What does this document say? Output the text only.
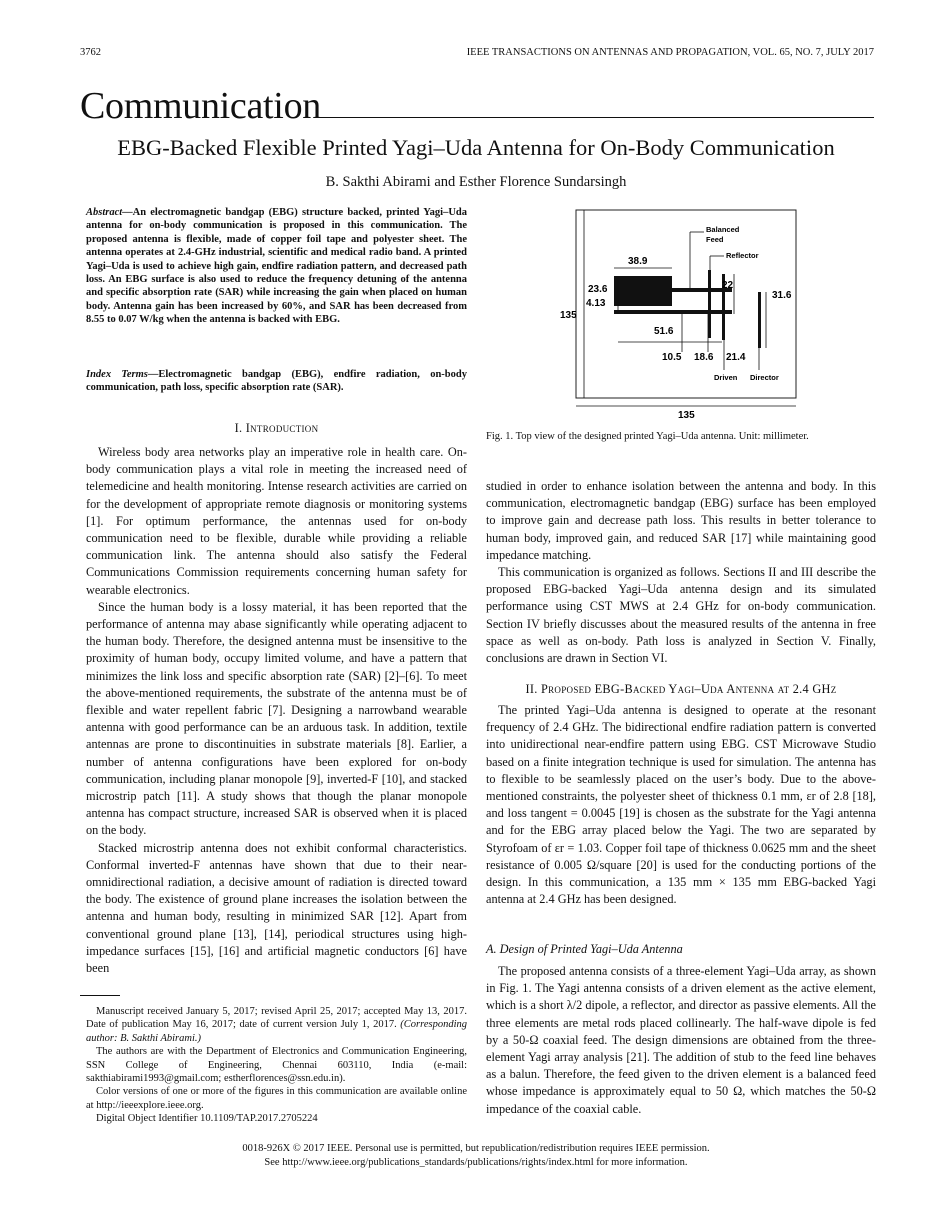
3762	IEEE TRANSACTIONS ON ANTENNAS AND PROPAGATION, VOL. 65, NO. 7, JULY 2017
Communication
EBG-Backed Flexible Printed Yagi–Uda Antenna for On-Body Communication
B. Sakthi Abirami and Esther Florence Sundarsingh
Abstract—An electromagnetic bandgap (EBG) structure backed, printed Yagi–Uda antenna for on-body communication is proposed in this communication. The proposed antenna is flexible, made of copper foil tape and polyester sheet. The antenna operates at 2.4-GHz industrial, scientific and medical radio band. A printed Yagi–Uda is used to achieve high gain, endfire radiation pattern, and decreased path loss. An EBG surface is also used to reduce the frequency detuning of the antenna and specific absorption rate (SAR) while increasing the gain when placed on human body. Antenna gain has been increased by 60%, and SAR has been decreased from 8.55 to 0.07 W/kg when the antenna is backed with EBG.
Index Terms—Electromagnetic bandgap (EBG), endfire radiation, on-body communication, path loss, specific absorption rate (SAR).
I. Introduction

Wireless body area networks play an imperative role in health care. On-body communication plays a vital role in meeting the increased need of telemedicine and health monitoring. Intense research activities are carried on for the development of appropriate remote diagnosis or monitoring systems [1]. For optimum performance, the antennas used for on-body communication need to be flexible, durable while providing a reliable communication link. The antenna should also satisfy the Federal Communications Commission requirements concerning human safety for wearable electronics.

Since the human body is a lossy material, it has been reported that the performance of antenna may abase significantly while operating adjacent to the human body. Therefore, the designed antenna must be insensitive to the proximity of human body, occupy limited volume, and have a pattern that minimizes the link loss and specific absorption rate (SAR) [2]–[6]. To meet the above-mentioned requirements, the substrate of the antenna must be of flexible and water repellent fabric [7]. Designing a narrowband wearable antenna with good performance can be an arduous task. In addition, textile antennas are prone to discontinuities in substrate materials [8]. Earlier, a number of antenna configurations have been explored for on-body communication, including planar monopole [9], inverted-F [10], and stacked microstrip patch [11]. A study shows that though the planar monopole antenna has compact structure, increased SAR is observed when it is placed on the body.

Stacked microstrip antenna does not exhibit conformal characteristics. Conformal inverted-F antennas have shown that due to their near-omnidirectional radiation, a decisive amount of radiation is directed toward the body. The existence of ground plane increases the isolation between the antenna and human body, resulting in minimized SAR [12]. Apart from conventional ground plane [13], [14], periodical structures using high-impedance surfaces [15], [16] and artificial magnetic conductors [6] have been

Manuscript received January 5, 2017; revised April 25, 2017; accepted May 13, 2017. Date of publication May 16, 2017; date of current version July 1, 2017. (Corresponding author: B. Sakthi Abirami.)

The authors are with the Department of Electronics and Communication Engineering, SSN College of Engineering, Chennai 603110, India (e-mail: sakthiabirami1993@gmail.com; estherflorences@ssn.edu.in).

Color versions of one or more of the figures in this communication are available online at http://ieeexplore.ieee.org.

Digital Object Identifier 10.1109/TAP.2017.2705224

Balanced
Feed
Reflector
Driven Director
38.9
23.6
4.13
135
51.6
22
31.6
10.5 18.6 21.4
135
Fig. 1. Top view of the designed printed Yagi–Uda antenna. Unit: millimeter.

studied in order to enhance isolation between the antenna and body. In this communication, electromagnetic bandgap (EBG) surface has been employed to improve gain and decrease path loss. This results in better tolerance to human body, improved gain, and reduced SAR [17] while maintaining good impedance matching.

This communication is organized as follows. Sections II and III describe the proposed EBG-backed Yagi–Uda antenna design and its simulated performance using CST MWS at 2.4 GHz for on-body communication. Section IV briefly discusses about the measured results of the antenna in free space as well as on-body. Path loss is analyzed in Section V. Finally, conclusions are drawn in Section VI.

II. Proposed EBG-Backed Yagi–Uda Antenna at 2.4 GHz

The printed Yagi–Uda antenna is designed to operate at the resonant frequency of 2.4 GHz. The bidirectional endfire radiation pattern is converted into unidirectional near-endfire pattern using EBG. CST Microwave Studio based on a finite integration technique is used for simulation. The antenna has to flexible to be seamlessly placed on the user’s body. Due to the above-mentioned constraints, the polyester sheet of thickness 0.1 mm, εr of 2.8 [18], and loss tangent = 0.0045 [19] is chosen as the substrate for the Yagi antenna and for the EBG array placed below the Yagi. The two are separated by Styrofoam of εr = 1.03. Copper foil tape of thickness 0.0625 mm and the sheet resistance of 0.005 Ω/square [20] is used for the conducting portions of the design. In this communication, a 135 mm × 135 mm EBG-backed Yagi antenna at 2.4 GHz has been designed.

A. Design of Printed Yagi–Uda Antenna

The proposed antenna consists of a three-element Yagi–Uda array, as shown in Fig. 1. The Yagi antenna consists of a driven element as the active element, which is a short λ/2 dipole, a reflector, and director as passive elements. All the three elements are metal rods placed collinearly. The half-wave dipole is fed by a 50-Ω coaxial feed. The design dimensions are obtained from the three-element Yagi array analysis [21]. The addition of stub to the feed line behaves as a balun. Therefore, the feed given to the driven element is a balanced feed whose impedance is approximately equal to 50 Ω, which matches the 50-Ω impedance of the coaxial cable.

0018-926X © 2017 IEEE. Personal use is permitted, but republication/redistribution requires IEEE permission.
See http://www.ieee.org/publications_standards/publications/rights/index.html for more information.
